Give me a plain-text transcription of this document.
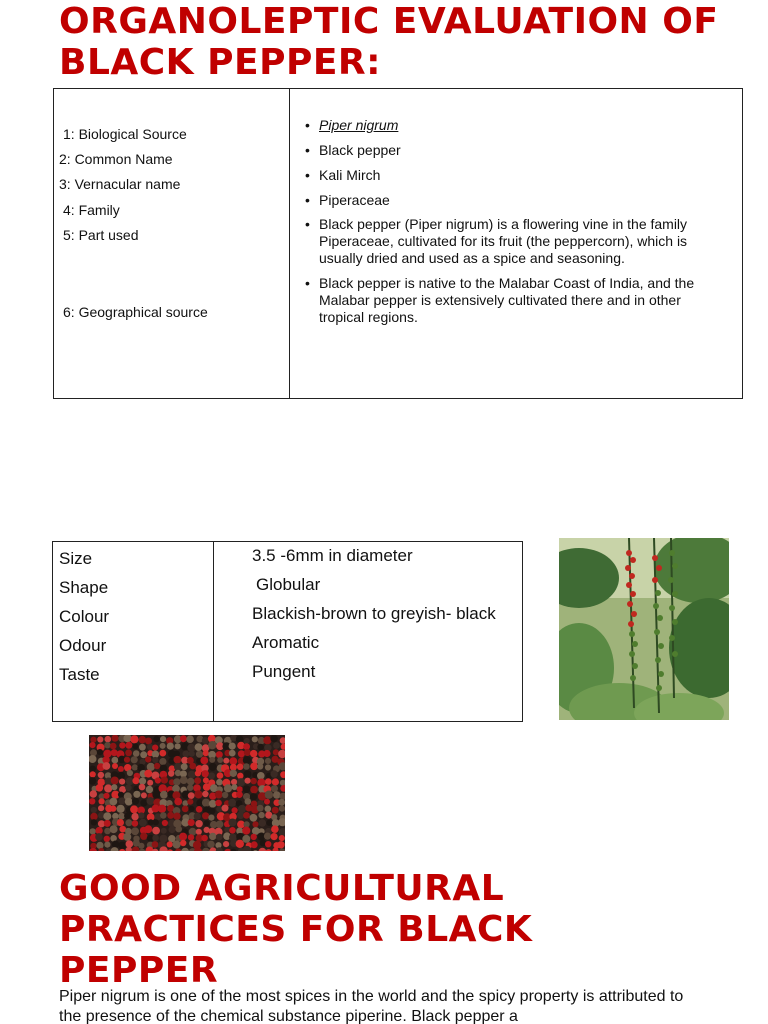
ORGANOLEPTIC EVALUATION OF BLACK PEPPER:
1: Biological Source
2: Common Name
3: Vernacular name
4: Family
5: Part used
6: Geographical source
• Piper nigrum
• Black pepper
• Kali Mirch
• Piperaceae
• Black pepper (Piper nigrum) is a flowering vine in the family Piperaceae, cultivated for its fruit (the peppercorn), which is usually dried and used as a spice and seasoning.
• Black pepper is native to the Malabar Coast of India, and the Malabar pepper is extensively cultivated there and in other tropical regions.
Size
Shape
Colour
Odour
Taste
3.5 -6mm in diameter
Globular
Blackish-brown to greyish- black
Aromatic
Pungent
GOOD AGRICULTURAL PRACTICES FOR BLACK PEPPER

Piper nigrum is one of the most spices in the world and the spicy property is attributed to the presence of the chemical substance piperine. Black pepper a
